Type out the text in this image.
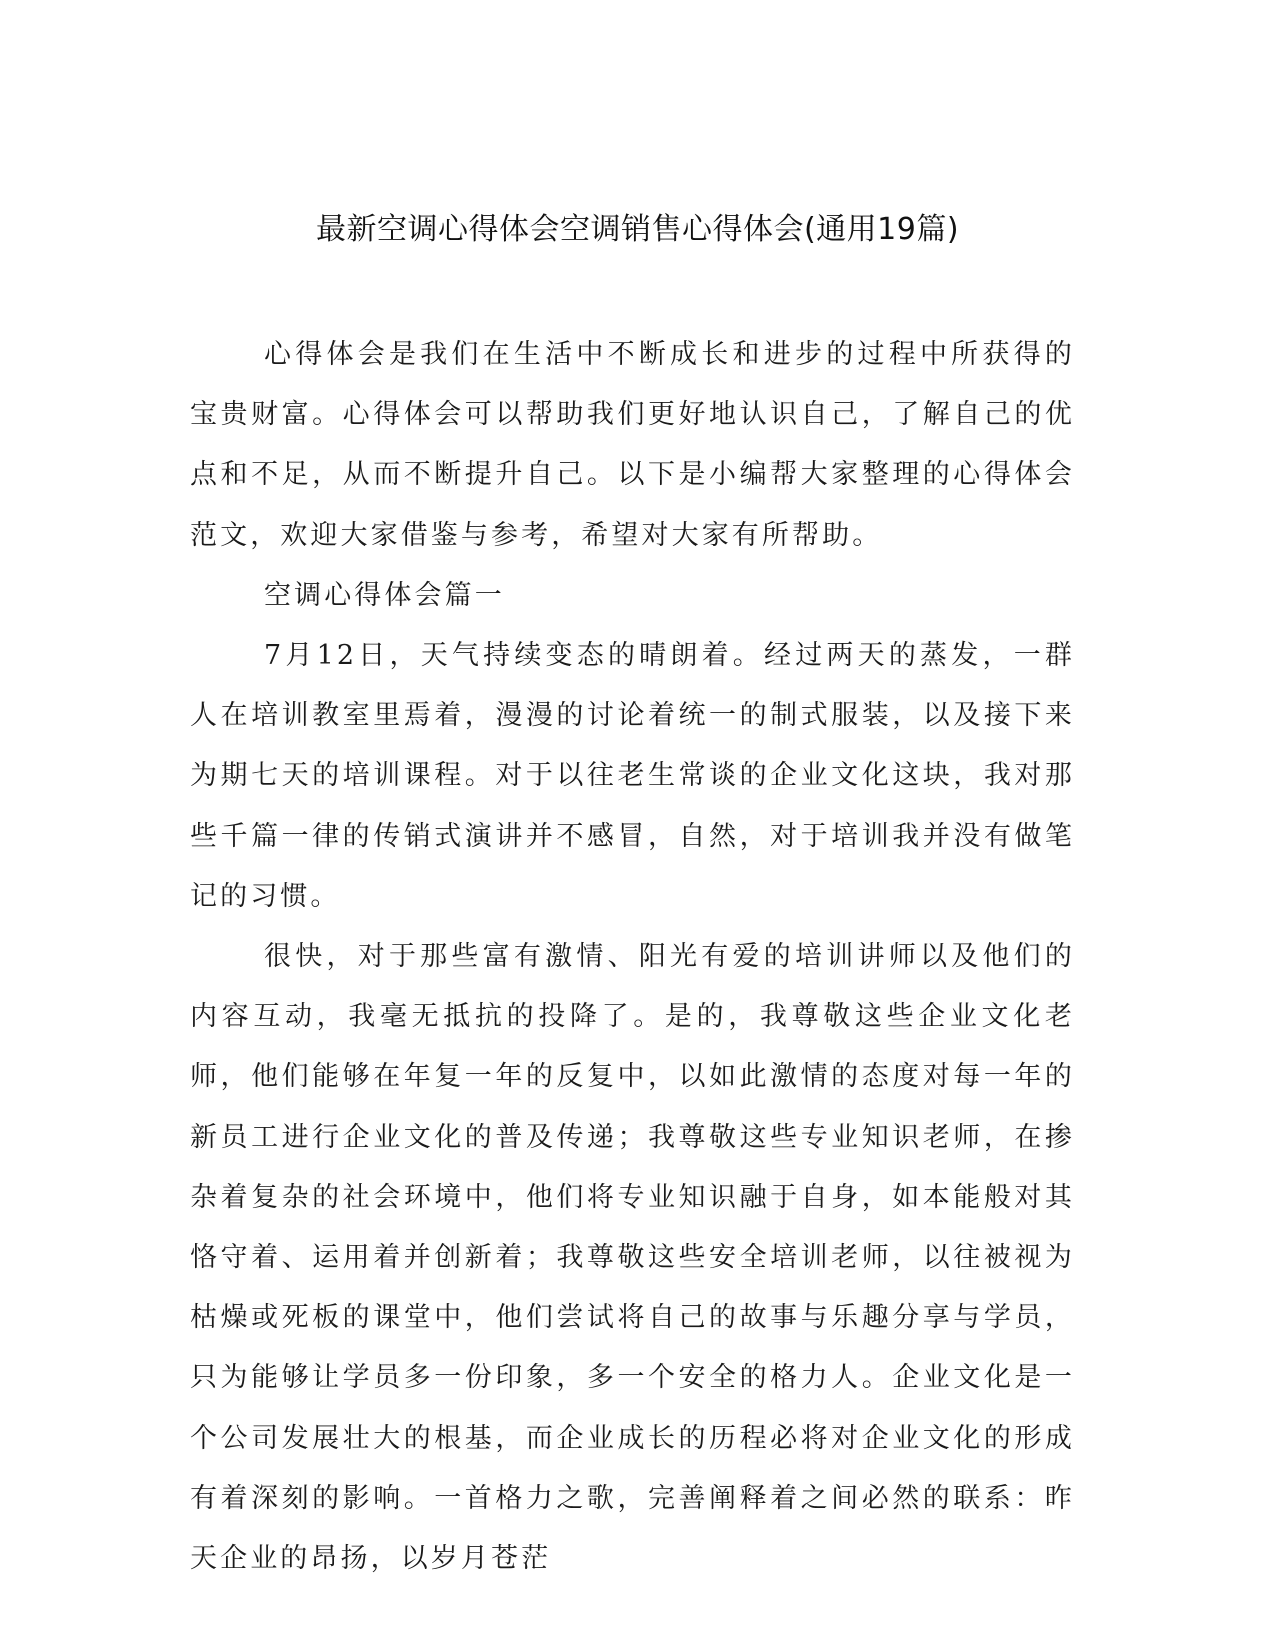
最新空调心得体会空调销售心得体会(通用19篇)

心得体会是我们在生活中不断成长和进步的过程中所获得的宝贵财富。心得体会可以帮助我们更好地认识自己，了解自己的优点和不足，从而不断提升自己。以下是小编帮大家整理的心得体会范文，欢迎大家借鉴与参考，希望对大家有所帮助。

空调心得体会篇一

7月12日，天气持续变态的晴朗着。经过两天的蒸发，一群人在培训教室里焉着，漫漫的讨论着统一的制式服装，以及接下来为期七天的培训课程。对于以往老生常谈的企业文化这块，我对那些千篇一律的传销式演讲并不感冒，自然，对于培训我并没有做笔记的习惯。

很快，对于那些富有激情、阳光有爱的培训讲师以及他们的内容互动，我毫无抵抗的投降了。是的，我尊敬这些企业文化老师，他们能够在年复一年的反复中，以如此激情的态度对每一年的新员工进行企业文化的普及传递；我尊敬这些专业知识老师，在掺杂着复杂的社会环境中，他们将专业知识融于自身，如本能般对其恪守着、运用着并创新着；我尊敬这些安全培训老师，以往被视为枯燥或死板的课堂中，他们尝试将自己的故事与乐趣分享与学员，只为能够让学员多一份印象，多一个安全的格力人。企业文化是一个公司发展壮大的根基，而企业成长的历程必将对企业文化的形成有着深刻的影响。一首格力之歌，完善阐释着之间必然的联系：昨天企业的昂扬，以岁月苍茫
